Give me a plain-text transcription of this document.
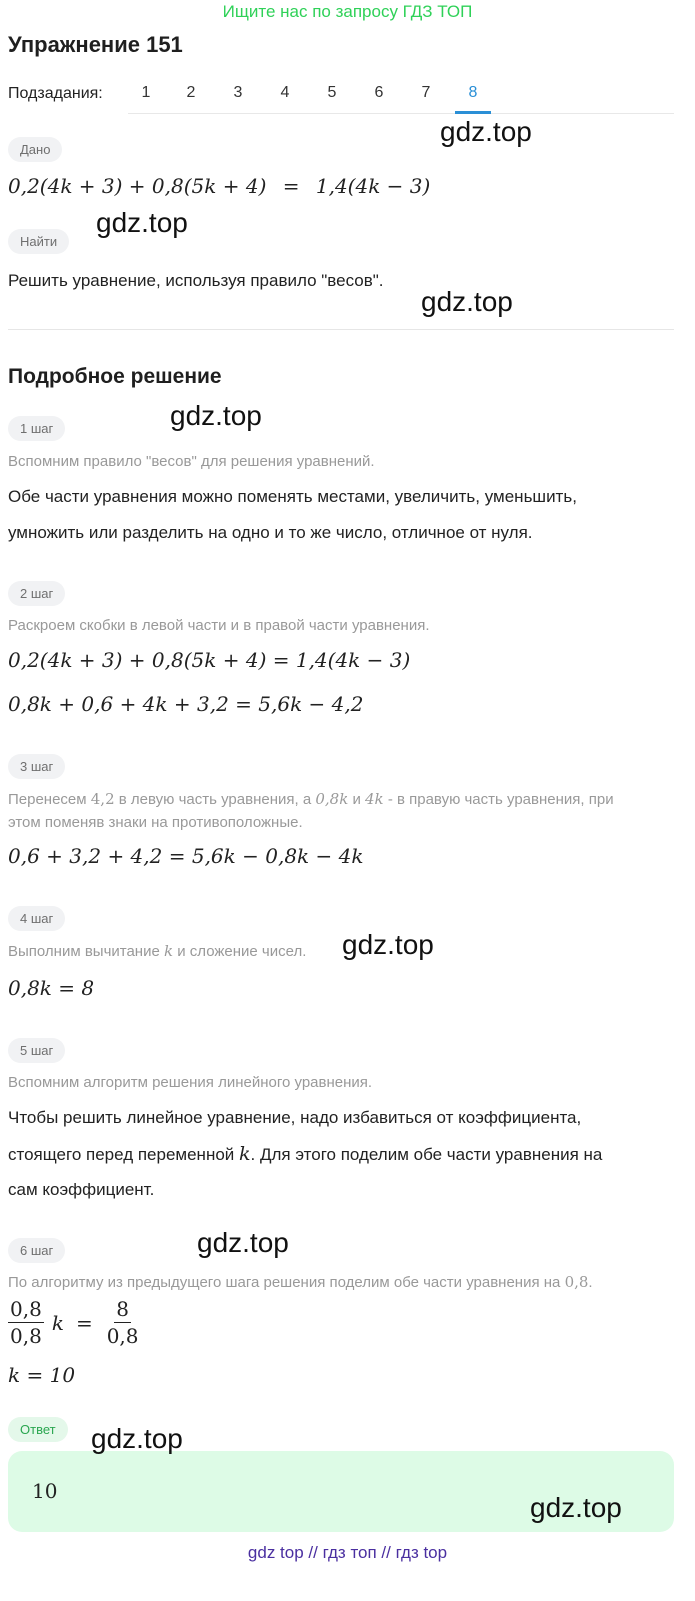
Ищите нас по запросу ГДЗ ТОП
Упражнение 151
Подзадания:	1	2	3	4	5	6	7	8
Дано
0,2(4k + 3) + 0,8(5k + 4) = 1,4(4k − 3)
Найти
Решить уравнение, используя правило "весов".
Подробное решение
1 шаг
Вспомним правило "весов" для решения уравнений.
Обе части уравнения можно поменять местами, увеличить, уменьшить,
умножить или разделить на одно и то же число, отличное от нуля.
2 шаг
Раскроем скобки в левой части и в правой части уравнения.
0,2(4k + 3) + 0,8(5k + 4) = 1,4(4k − 3)
0,8k + 0,6 + 4k + 3,2 = 5,6k − 4,2
3 шаг
Перенесем 4,2 в левую часть уравнения, а 0,8k и 4k - в правую часть уравнения, при
этом поменяв знаки на противоположные.
0,6 + 3,2 + 4,2 = 5,6k − 0,8k − 4k
4 шаг
Выполним вычитание k и сложение чисел.
0,8k = 8
5 шаг
Вспомним алгоритм решения линейного уравнения.
Чтобы решить линейное уравнение, надо избавиться от коэффициента,
стоящего перед переменной k. Для этого поделим обе части уравнения на
сам коэффициент.
6 шаг
По алгоритму из предыдущего шага решения поделим обе части уравнения на 0,8.
$\frac{0,8}{0,8}$ $k = \frac{8}{0,8}$
k = 10
Ответ
10
gdz.top
gdz.top
gdz.top
gdz.top
gdz.top
gdz.top
gdz.top
gdz.top
gdz top // гдз топ // гдз top
